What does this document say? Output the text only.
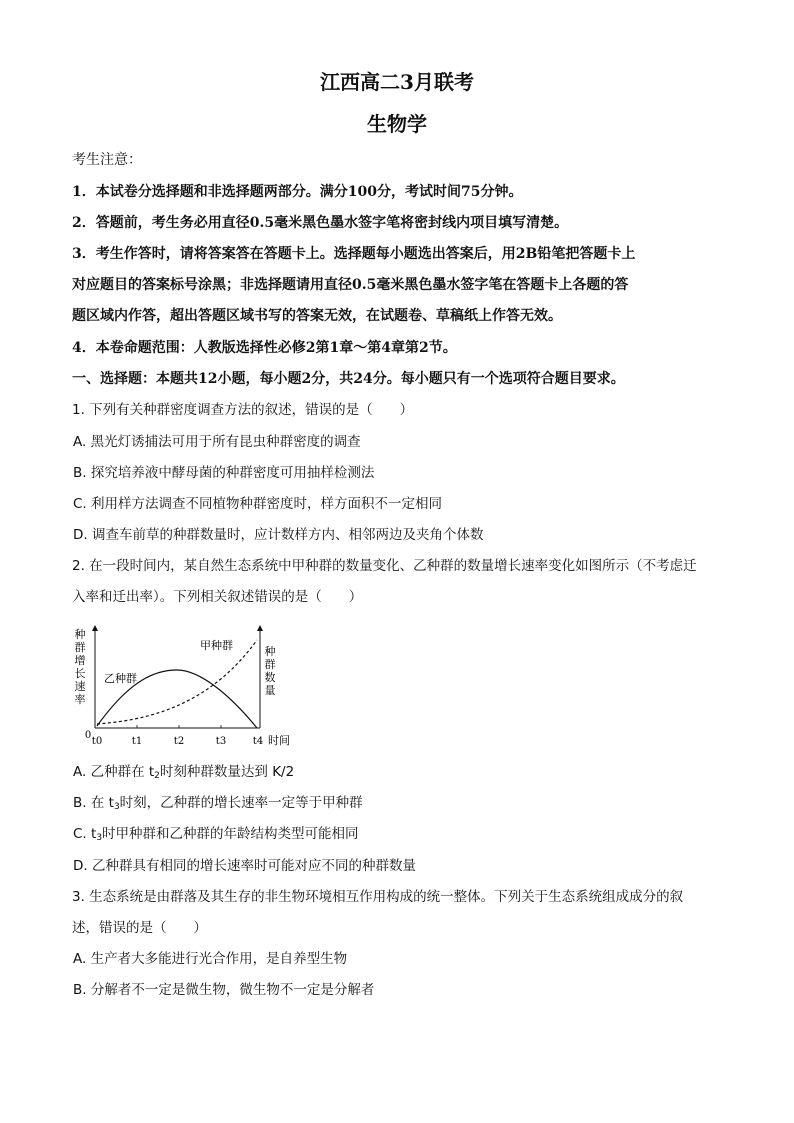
江西高二3月联考
生物学
考生注意：
1．本试卷分选择题和非选择题两部分。满分100分，考试时间75分钟。
2．答题前，考生务必用直径0.5毫米黑色墨水签字笔将密封线内项目填写清楚。
3．考生作答时，请将答案答在答题卡上。选择题每小题选出答案后，用2B铅笔把答题卡上
对应题目的答案标号涂黑；非选择题请用直径0.5毫米黑色墨水签字笔在答题卡上各题的答
题区域内作答，超出答题区域书写的答案无效，在试题卷、草稿纸上作答无效。
4．本卷命题范围：人教版选择性必修2第1章～第4章第2节。
一、选择题：本题共12小题，每小题2分，共24分。每小题只有一个选项符合题目要求。
1. 下列有关种群密度调查方法的叙述，错误的是（　　）
A. 黑光灯诱捕法可用于所有昆虫种群密度的调查
B. 探究培养液中酵母菌的种群密度可用抽样检测法
C. 利用样方法调查不同植物种群密度时，样方面积不一定相同
D. 调查车前草的种群数量时，应计数样方内、相邻两边及夹角个体数
2. 在一段时间内，某自然生态系统中甲种群的数量变化、乙种群的数量增长速率变化如图所示（不考虑迁
入率和迁出率）。下列相关叙述错误的是（　　）
种
群
增
长
速
率
种
群
数
量
甲种群
乙种群
0
t0	t1	t2	t3	t4 时间
A. 乙种群在 $t_2$时刻种群数量达到 K/2
B. 在 $t_3$时刻，乙种群的增长速率一定等于甲种群
C. $t_3$时甲种群和乙种群的年龄结构类型可能相同
D. 乙种群具有相同的增长速率时可能对应不同的种群数量
3. 生态系统是由群落及其生存的非生物环境相互作用构成的统一整体。下列关于生态系统组成成分的叙
述，错误的是（　　）
A. 生产者大多能进行光合作用，是自养型生物
B. 分解者不一定是微生物，微生物不一定是分解者
